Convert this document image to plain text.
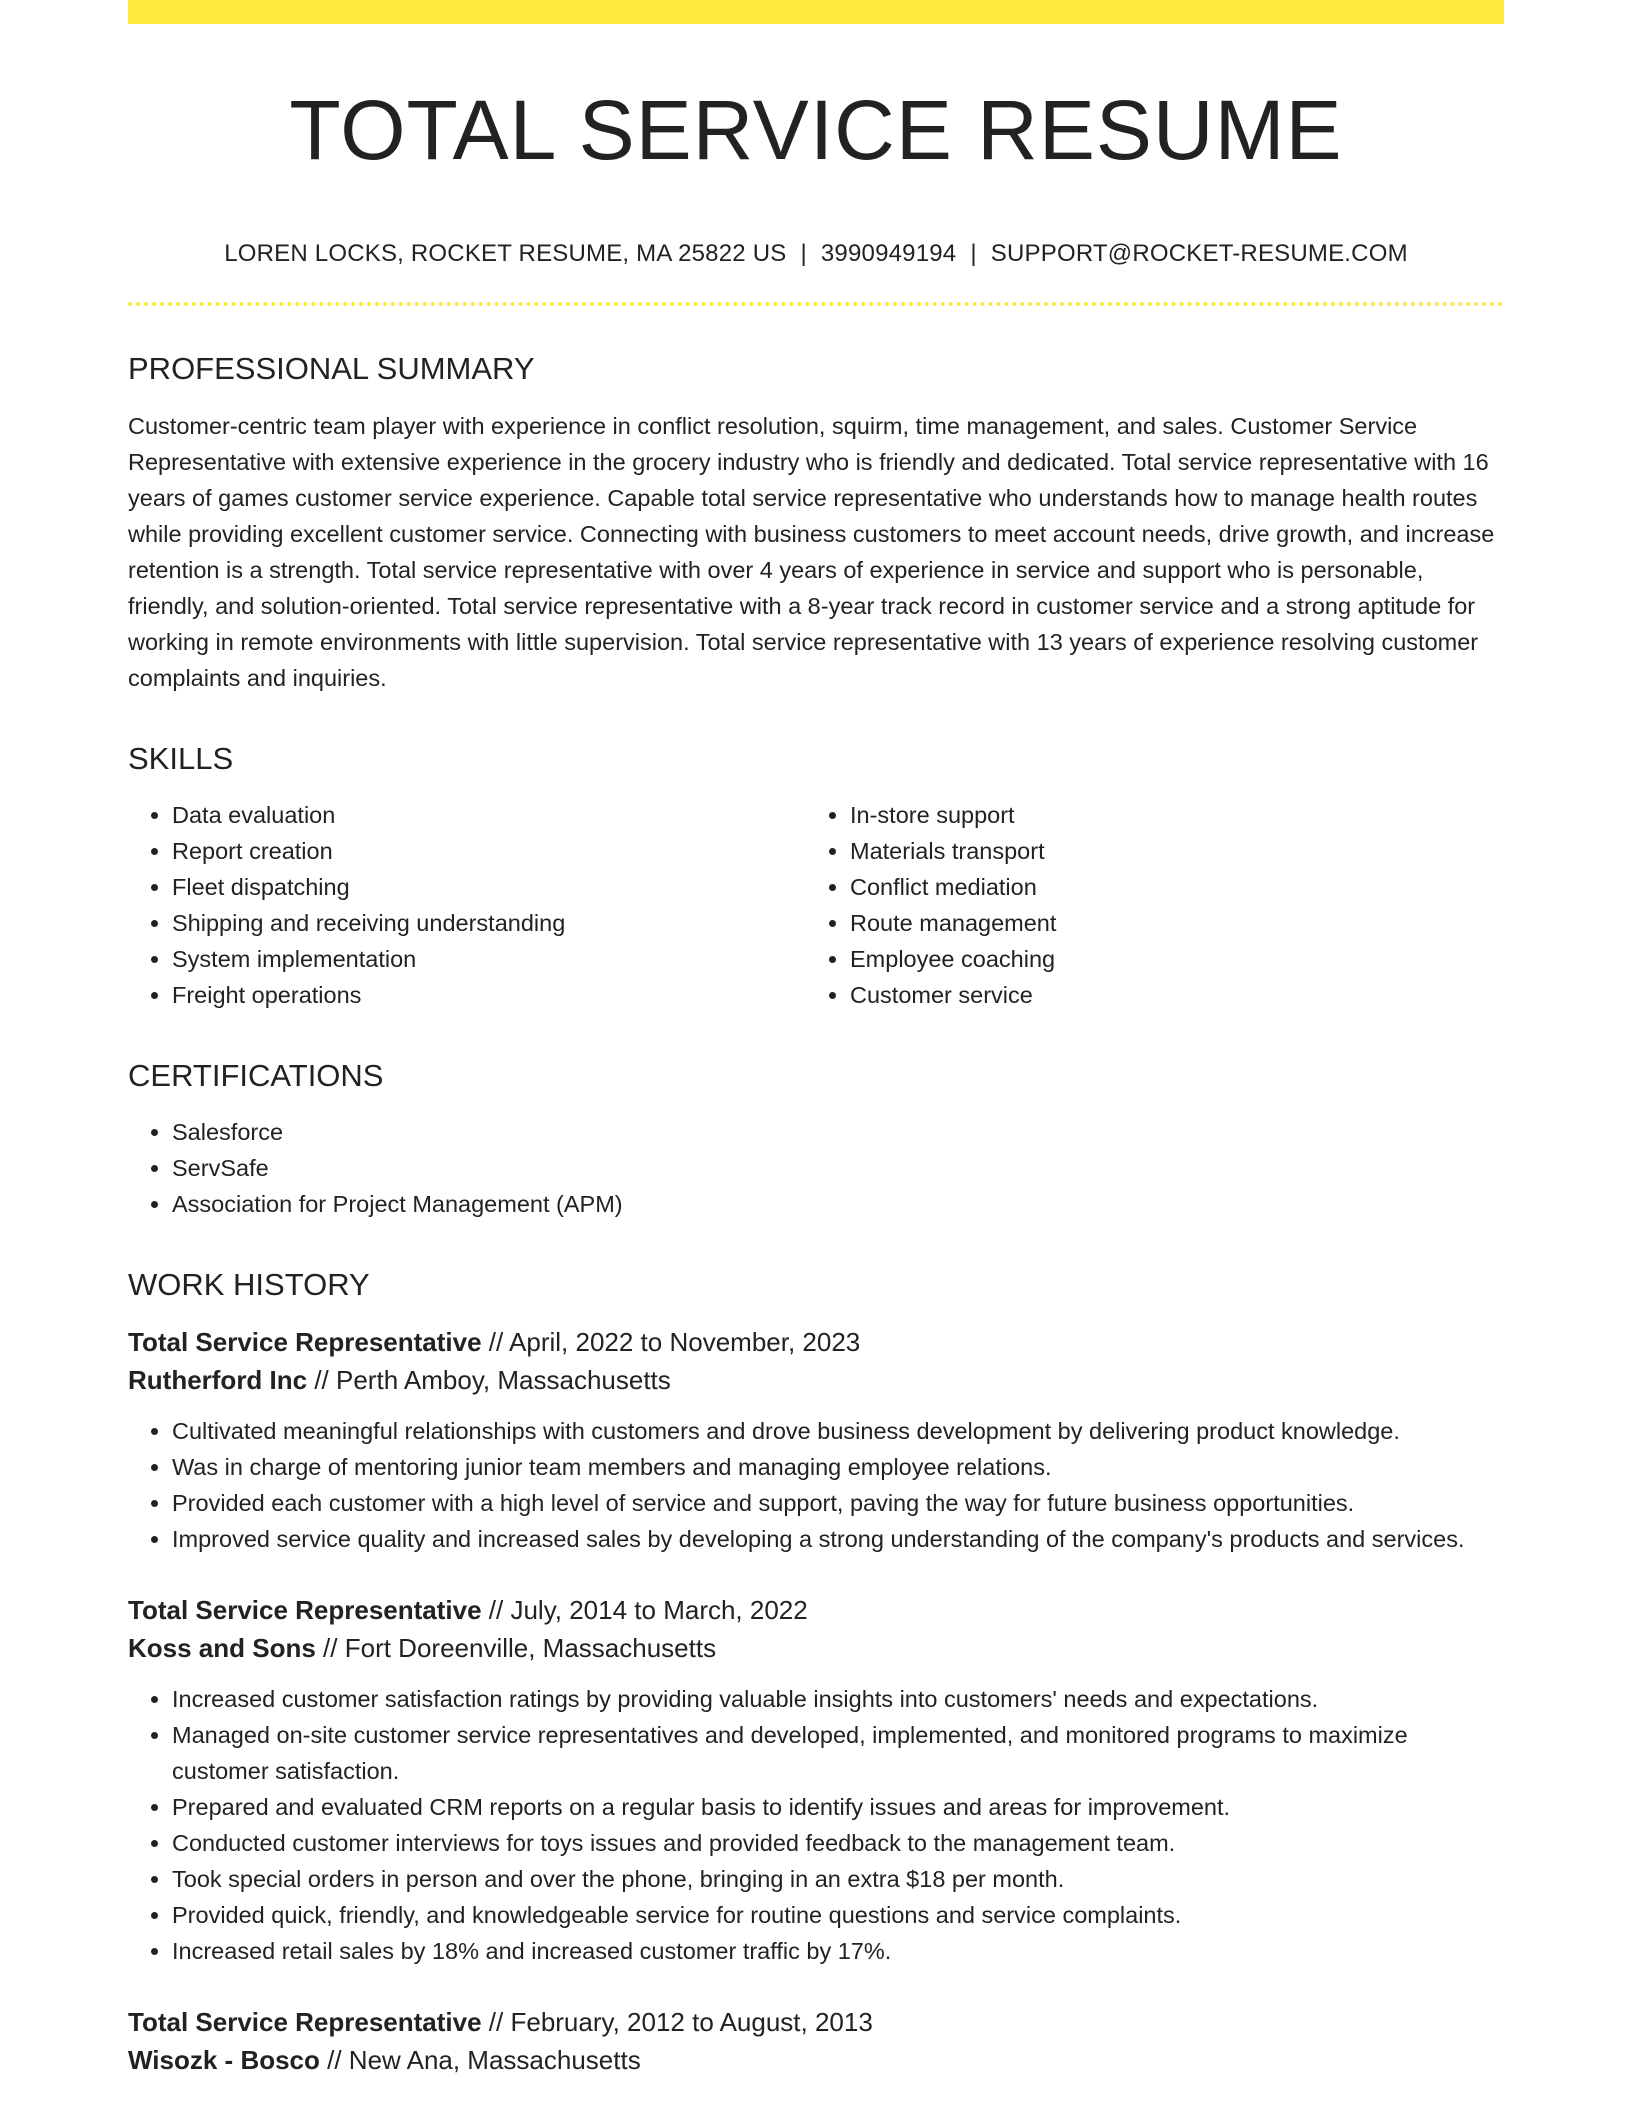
TOTAL SERVICE RESUME
LOREN LOCKS, ROCKET RESUME, MA 25822 US | 3990949194 | SUPPORT@ROCKET-RESUME.COM
PROFESSIONAL SUMMARY

Customer-centric team player with experience in conflict resolution, squirm, time management, and sales. Customer Service Representative with extensive experience in the grocery industry who is friendly and dedicated. Total service representative with 16 years of games customer service experience. Capable total service representative who understands how to manage health routes while providing excellent customer service. Connecting with business customers to meet account needs, drive growth, and increase retention is a strength. Total service representative with over 4 years of experience in service and support who is personable, friendly, and solution-oriented. Total service representative with a 8-year track record in customer service and a strong aptitude for working in remote environments with little supervision. Total service representative with 13 years of experience resolving customer complaints and inquiries.

SKILLS
• Data evaluation
• Report creation
• Fleet dispatching
• Shipping and receiving understanding
• System implementation
• Freight operations
• In-store support
• Materials transport
• Conflict mediation
• Route management
• Employee coaching
• Customer service
CERTIFICATIONS
• Salesforce
• ServSafe
• Association for Project Management (APM)
WORK HISTORY
Total Service Representative // April, 2022 to November, 2023
Rutherford Inc // Perth Amboy, Massachusetts
• Cultivated meaningful relationships with customers and drove business development by delivering product knowledge.
• Was in charge of mentoring junior team members and managing employee relations.
• Provided each customer with a high level of service and support, paving the way for future business opportunities.
• Improved service quality and increased sales by developing a strong understanding of the company's products and services.
Total Service Representative // July, 2014 to March, 2022
Koss and Sons // Fort Doreenville, Massachusetts
• Increased customer satisfaction ratings by providing valuable insights into customers' needs and expectations.
• Managed on-site customer service representatives and developed, implemented, and monitored programs to maximize customer satisfaction.
• Prepared and evaluated CRM reports on a regular basis to identify issues and areas for improvement.
• Conducted customer interviews for toys issues and provided feedback to the management team.
• Took special orders in person and over the phone, bringing in an extra $18 per month.
• Provided quick, friendly, and knowledgeable service for routine questions and service complaints.
• Increased retail sales by 18% and increased customer traffic by 17%.
Total Service Representative // February, 2012 to August, 2013
Wisozk - Bosco // New Ana, Massachusetts
